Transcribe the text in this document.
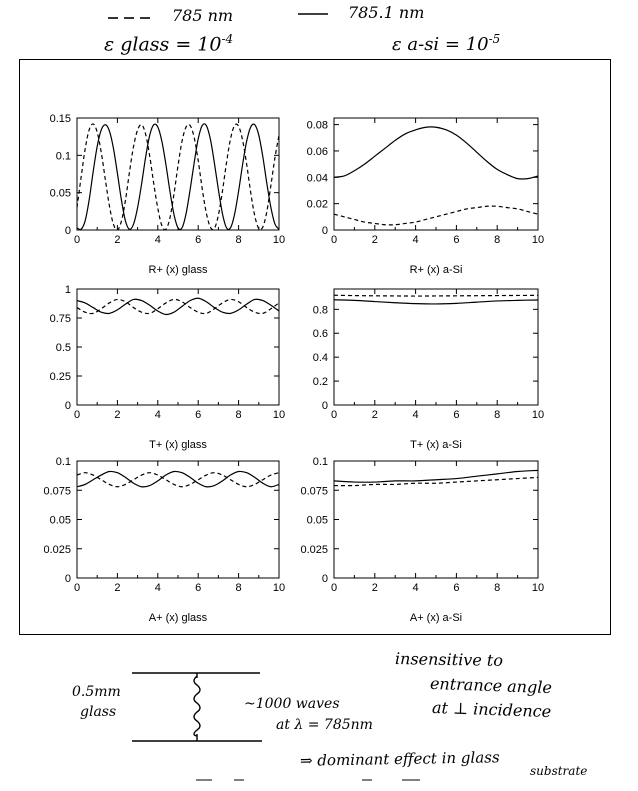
785 nm	785.1 nm
ε glass = $10^{-4}$	ε $a-si = 10^{-5}$
0	2	4	6	8	10
0
0.05
0.1
0.15
R+ (x) glass
0	2	4	6	8	10
0
0.02
0.04
0.06
0.08
R+ (x) a-Si
0	2	4	6	8	10
0
0.25
0.5
0.75
1
T+ (x) glass
0	2	4	6	8	10
0
0.2
0.4
0.6
0.8
T+ (x) a-Si
0	2	4	6	8	10
0
0.025
0.05
0.075
0.1
A+ (x) glass
0	2	4	6	8	10
0
0.025
0.05
0.075
0.1
A+ (x) a-Si
0.5mm
glass	~1000 waves
at λ = 785nm
insensitive to
entrance angle
at ⊥ incidence
⇒ dominant effect in glass
substrate
